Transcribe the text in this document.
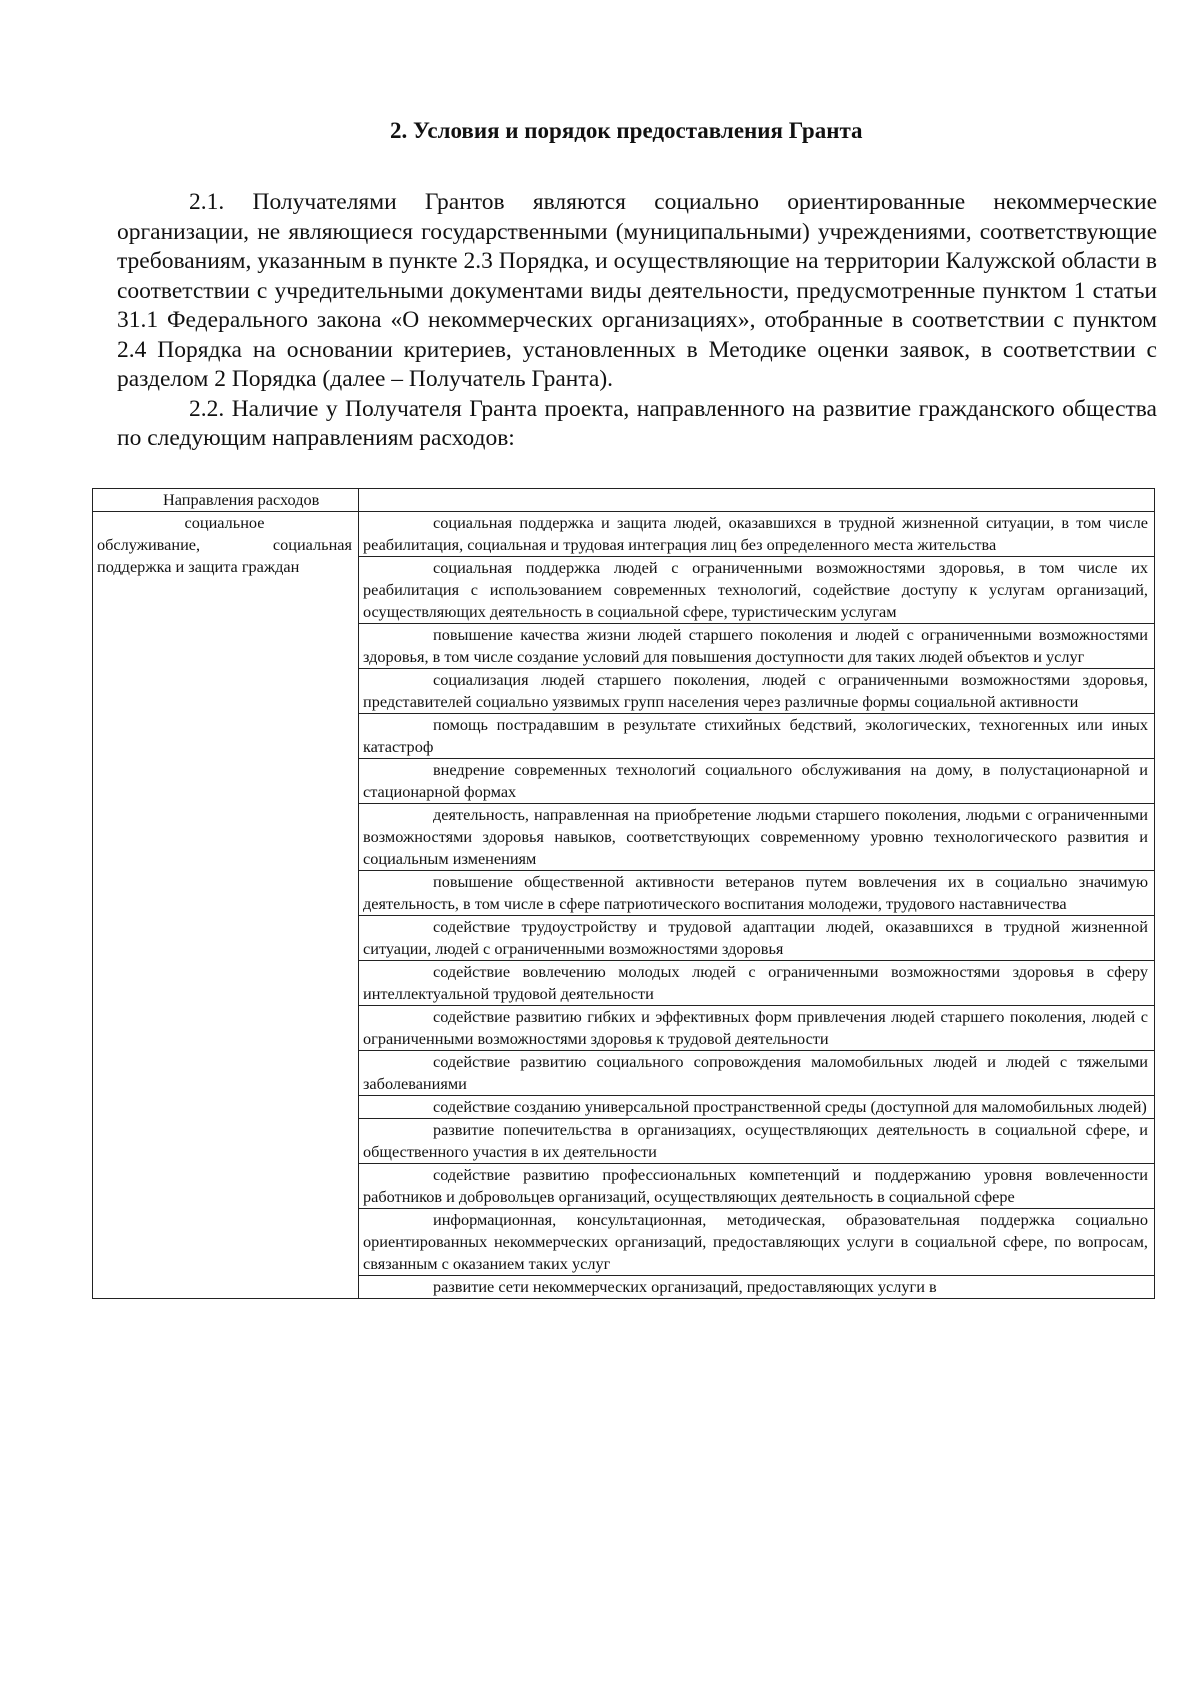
2. Условия и порядок предоставления Гранта

2.1. Получателями Грантов являются социально ориентированные некоммерческие организации, не являющиеся государственными (муниципальными) учреждениями, соответствующие требованиям, указанным в пункте 2.3 Порядка, и осуществляющие на территории Калужской области в соответствии с учредительными документами виды деятельности, предусмотренные пунктом 1 статьи 31.1 Федерального закона «О некоммерческих организациях», отобранные в соответствии с пунктом 2.4 Порядка на основании критериев, установленных в Методике оценки заявок, в соответствии с разделом 2 Порядка (далее – Получатель Гранта).

2.2. Наличие у Получателя Гранта проекта, направленного на развитие гражданского общества по следующим направлениям расходов:

Направления расходов	

социальное
обслуживание, социальная поддержка и защита граждан	социальная поддержка и защита людей, оказавшихся в трудной жизненной ситуации, в том числе реабилитация, социальная и трудовая интеграция лиц без определенного места жительства
	социальная поддержка людей с ограниченными возможностями здоровья, в том числе их реабилитация с использованием современных технологий, содействие доступу к услугам организаций, осуществляющих деятельность в социальной сфере, туристическим услугам
	повышение качества жизни людей старшего поколения и людей с ограниченными возможностями здоровья, в том числе создание условий для повышения доступности для таких людей объектов и услуг
	социализация людей старшего поколения, людей с ограниченными возможностями здоровья, представителей социально уязвимых групп населения через различные формы социальной активности
	помощь пострадавшим в результате стихийных бедствий, экологических, техногенных или иных катастроф
	внедрение современных технологий социального обслуживания на дому, в полустационарной и стационарной формах
	деятельность, направленная на приобретение людьми старшего поколения, людьми с ограниченными возможностями здоровья навыков, соответствующих современному уровню технологического развития и социальным изменениям
	повышение общественной активности ветеранов путем вовлечения их в социально значимую деятельность, в том числе в сфере патриотического воспитания молодежи, трудового наставничества
	содействие трудоустройству и трудовой адаптации людей, оказавшихся в трудной жизненной ситуации, людей с ограниченными возможностями здоровья
	содействие вовлечению молодых людей с ограниченными возможностями здоровья в сферу интеллектуальной трудовой деятельности
	содействие развитию гибких и эффективных форм привлечения людей старшего поколения, людей с ограниченными возможностями здоровья к трудовой деятельности
	содействие развитию социального сопровождения маломобильных людей и людей с тяжелыми заболеваниями
	содействие созданию универсальной пространственной среды (доступной для маломобильных людей)
	развитие попечительства в организациях, осуществляющих деятельность в социальной сфере, и общественного участия в их деятельности
	содействие развитию профессиональных компетенций и поддержанию уровня вовлеченности работников и добровольцев организаций, осуществляющих деятельность в социальной сфере
	информационная, консультационная, методическая, образовательная поддержка социально ориентированных некоммерческих организаций, предоставляющих услуги в социальной сфере, по вопросам, связанным с оказанием таких услуг
	развитие сети некоммерческих организаций, предоставляющих услуги в
